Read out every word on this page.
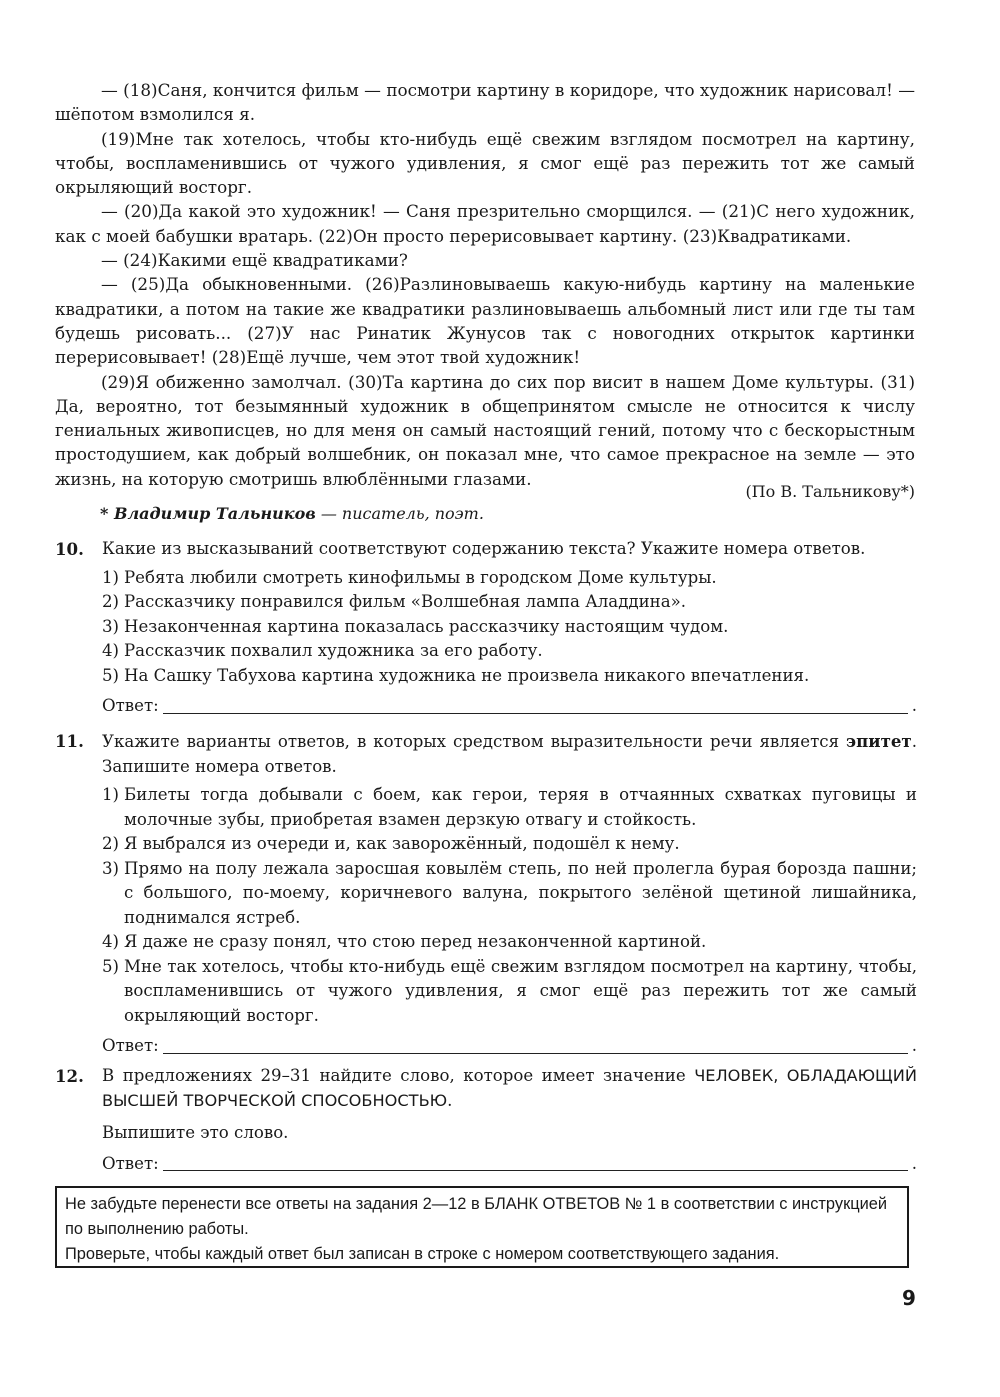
— (18)Саня, кончится фильм — посмотри картину в коридоре, что художник нарисовал! — шёпотом взмолился я.

(19)Мне так хотелось, чтобы кто-нибудь ещё свежим взглядом посмотрел на картину, чтобы, воспламенившись от чужого удивления, я смог ещё раз пережить тот же самый окрыляющий восторг.

— (20)Да какой это художник! — Саня презрительно сморщился. — (21)С него художник, как с моей бабушки вратарь. (22)Он просто перерисовывает картину. (23)Квадратиками.

— (24)Какими ещё квадратиками?

— (25)Да обыкновенными. (26)Разлиновываешь какую-нибудь картину на маленькие квадратики, а потом на такие же квадратики разлиновываешь альбомный лист или где ты там будешь рисовать... (27)У нас Ринатик Жунусов так с новогодних открыток картинки перерисовывает! (28)Ещё лучше, чем этот твой художник!

(29)Я обиженно замолчал. (30)Та картина до сих пор висит в нашем Доме культуры. (31) Да, вероятно, тот безымянный художник в общепринятом смысле не относится к числу гениальных живописцев, но для меня он самый настоящий гений, потому что с бескорыстным простодушием, как добрый волшебник, он показал мне, что самое прекрасное на земле — это жизнь, на которую смотришь влюблёнными глазами.

(По В. Тальникову*)
* Владимир Тальников — писатель, поэт.
10. Какие из высказываний соответствуют содержанию текста? Укажите номера ответов.
1) Ребята любили смотреть кинофильмы в городском Доме культуры.
2) Рассказчику понравился фильм «Волшебная лампа Аладдина».
3) Незаконченная картина показалась рассказчику настоящим чудом.
4) Рассказчик похвалил художника за его работу.
5) На Сашку Табухова картина художника не произвела никакого впечатления.
Ответ:	.
11. Укажите варианты ответов, в которых средством выразительности речи является эпитет. Запишите номера ответов.
1) Билеты тогда добывали с боем, как герои, теряя в отчаянных схватках пуговицы и молочные зубы, приобретая взамен дерзкую отвагу и стойкость.
2) Я выбрался из очереди и, как заворожённый, подошёл к нему.
3) Прямо на полу лежала заросшая ковылём степь, по ней пролегла бурая борозда пашни; с большого, по-моему, коричневого валуна, покрытого зелёной щетиной лишайника, поднимался ястреб.
4) Я даже не сразу понял, что стою перед незаконченной картиной.
5) Мне так хотелось, чтобы кто-нибудь ещё свежим взглядом посмотрел на картину, чтобы, воспламенившись от чужого удивления, я смог ещё раз пережить тот же самый окрыляющий восторг.
Ответ:	.
12. В предложениях 29–31 найдите слово, которое имеет значение ЧЕЛОВЕК, ОБЛАДАЮЩИЙ ВЫСШЕЙ ТВОРЧЕСКОЙ СПОСОБНОСТЬЮ.
Выпишите это слово.
Ответ:	.

Не забудьте перенести все ответы на задания 2—12 в БЛАНК ОТВЕТОВ № 1 в соответствии с инструкцией по выполнению работы.

Проверьте, чтобы каждый ответ был записан в строке с номером соответствующего задания.

9
